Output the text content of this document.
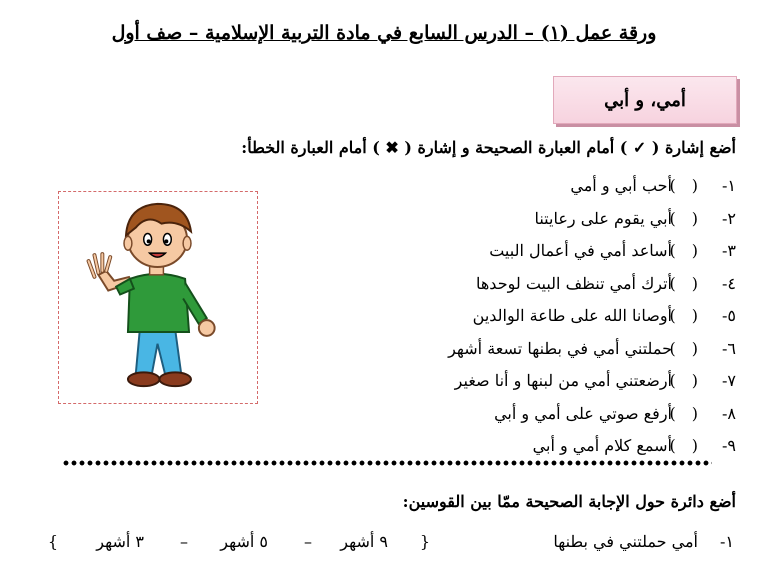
ورقة عمل (١) – الدرس السابع في مادة التربية الإسلامية – صف أول
أمي، و أبي
أضع إشارة ( ✓ ) أمام العبارة الصحيحة و إشارة ( ✖ ) أمام العبارة الخطأ:
١-( )أحب أبي و أمي
٢-( )أبي يقوم على رعايتنا
٣-( )أساعد أمي في أعمال البيت
٤-( )أترك أمي تنظف البيت لوحدها
٥-( )أوصانا الله على طاعة الوالدين
٦-( )حملتني أمي في بطنها تسعة أشهر
٧-( )أرضعتني أمي من لبنها و أنا صغير
٨-( )أرفع صوتي على أمي و أبي
٩-( )أسمع كلام أمي و أبي
أضع دائرة حول الإجابة الصحيحة ممّا بين القوسين:
١-
أمي حملتني في بطنها
{
٩ أشهر
–
٥ أشهر
–
٣ أشهر
}
